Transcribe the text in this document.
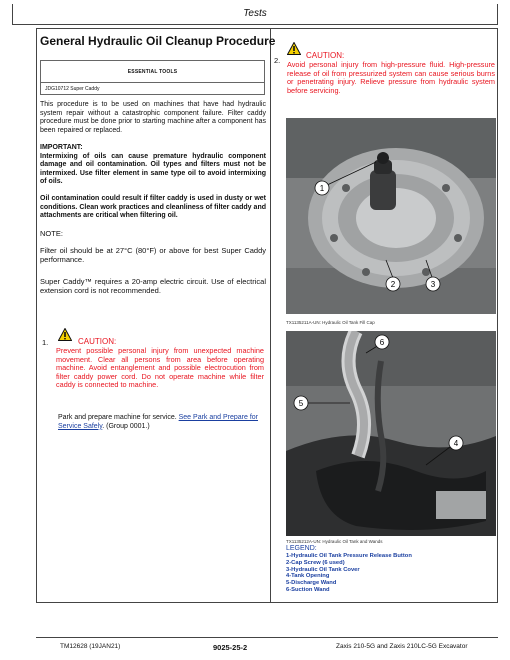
Tests
General Hydraulic Oil Cleanup Procedure
ESSENTIAL TOOLS
JDG10712 Super Caddy
This procedure is to be used on machines that have had hydraulic system repair without a catastrophic component failure. Filter caddy procedure must be done prior to starting machine after a component has been repaired or replaced.
IMPORTANT:
Intermixing of oils can cause premature hydraulic component damage and oil contamination. Oil types and filters must not be intermixed. Use filter element in same type oil to avoid intermixing of oils.
Oil contamination could result if filter caddy is used in dusty or wet conditions. Clean work practices and cleanliness of filter caddy and attachments are critical when filtering oil.
NOTE:
Filter oil should be at 27°C (80°F) or above for best Super Caddy performance.
Super Caddy™ requires a 20-amp electric circuit. Use of electrical extension cord is not recommended.
1.	CAUTION:
Prevent possible personal injury from unexpected machine movement. Clear all persons from area before operating machine. Avoid entanglement and possible electrocution from filter caddy power cord. Do not operate machine while filter caddy is connected to machine.
Park and prepare machine for service. See Park and Prepare for Service Safely. (Group 0001.)
2.
CAUTION:
Avoid personal injury from high-pressure fluid. High-pressure release of oil from pressurized system can cause serious burns or penetrating injury. Relieve pressure from hydraulic system before servicing.
1
2	3
TX1135211A-UN: Hydraulic Oil Tank Fill Cap
6
5
4
TX1135212A-UN: Hydraulic Oil Tank and Wands
LEGEND:
1-Hydraulic Oil Tank Pressure Release Button
2-Cap Screw (6 used)
3-Hydraulic Oil Tank Cover
4-Tank Opening
5-Discharge Wand
6-Suction Wand
TM12628 (19JAN21)	9025-25-2	Zaxis 210-5G and Zaxis 210LC-5G Excavator
